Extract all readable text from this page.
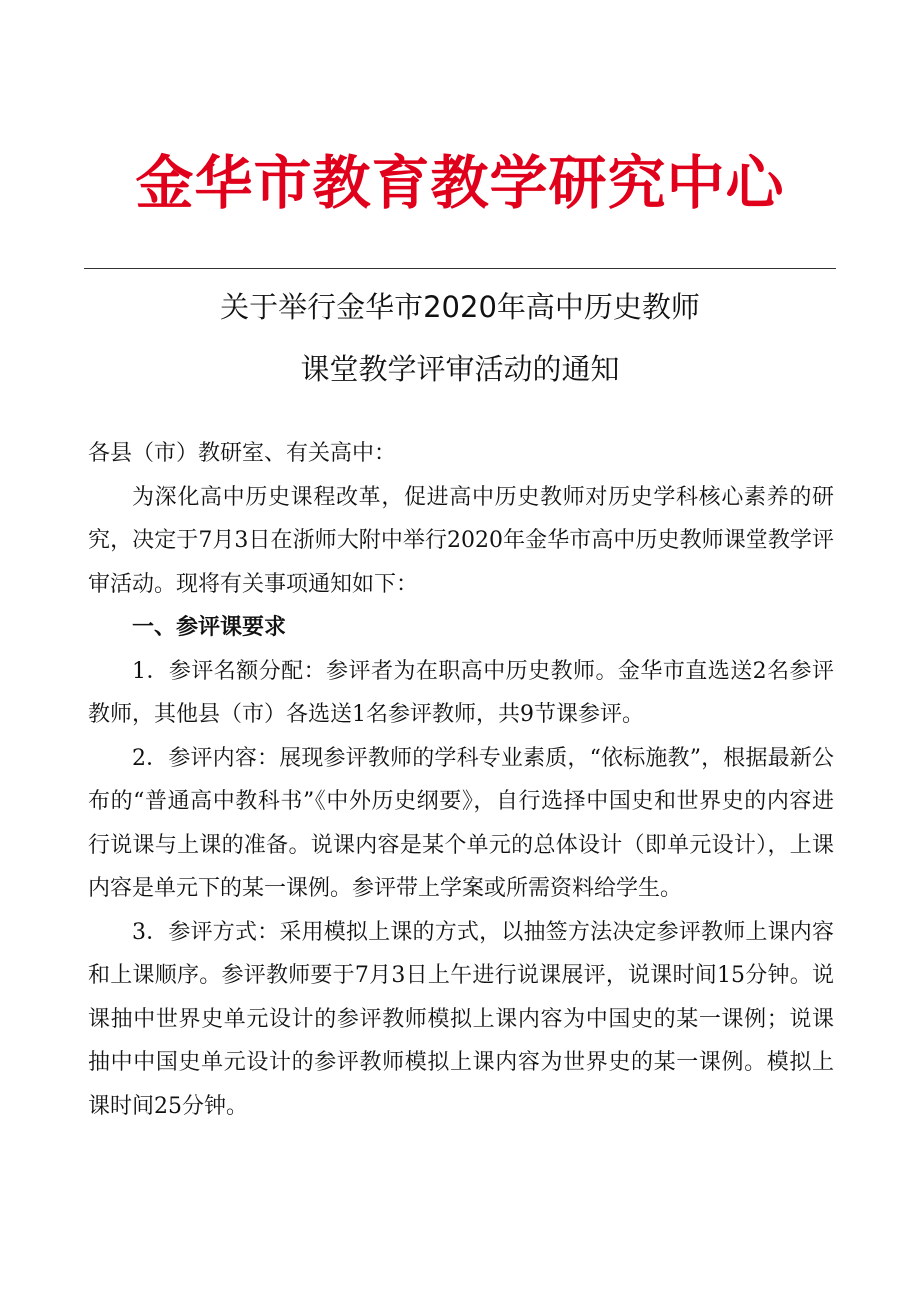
金华市教育教学研究中心
关于举行金华市2020年高中历史教师
课堂教学评审活动的通知

各县（市）教研室、有关高中：

为深化高中历史课程改革，促进高中历史教师对历史学科核心素养的研究，决定于7月3日在浙师大附中举行2020年金华市高中历史教师课堂教学评审活动。现将有关事项通知如下：

一、参评课要求

1．参评名额分配：参评者为在职高中历史教师。金华市直选送2名参评教师，其他县（市）各选送1名参评教师，共9节课参评。

2．参评内容：展现参评教师的学科专业素质，“依标施教”，根据最新公布的“普通高中教科书”《中外历史纲要》，自行选择中国史和世界史的内容进行说课与上课的准备。说课内容是某个单元的总体设计（即单元设计），上课内容是单元下的某一课例。参评带上学案或所需资料给学生。

3．参评方式：采用模拟上课的方式，以抽签方法决定参评教师上课内容和上课顺序。参评教师要于7月3日上午进行说课展评，说课时间15分钟。说课抽中世界史单元设计的参评教师模拟上课内容为中国史的某一课例；说课抽中中国史单元设计的参评教师模拟上课内容为世界史的某一课例。模拟上课时间25分钟。
